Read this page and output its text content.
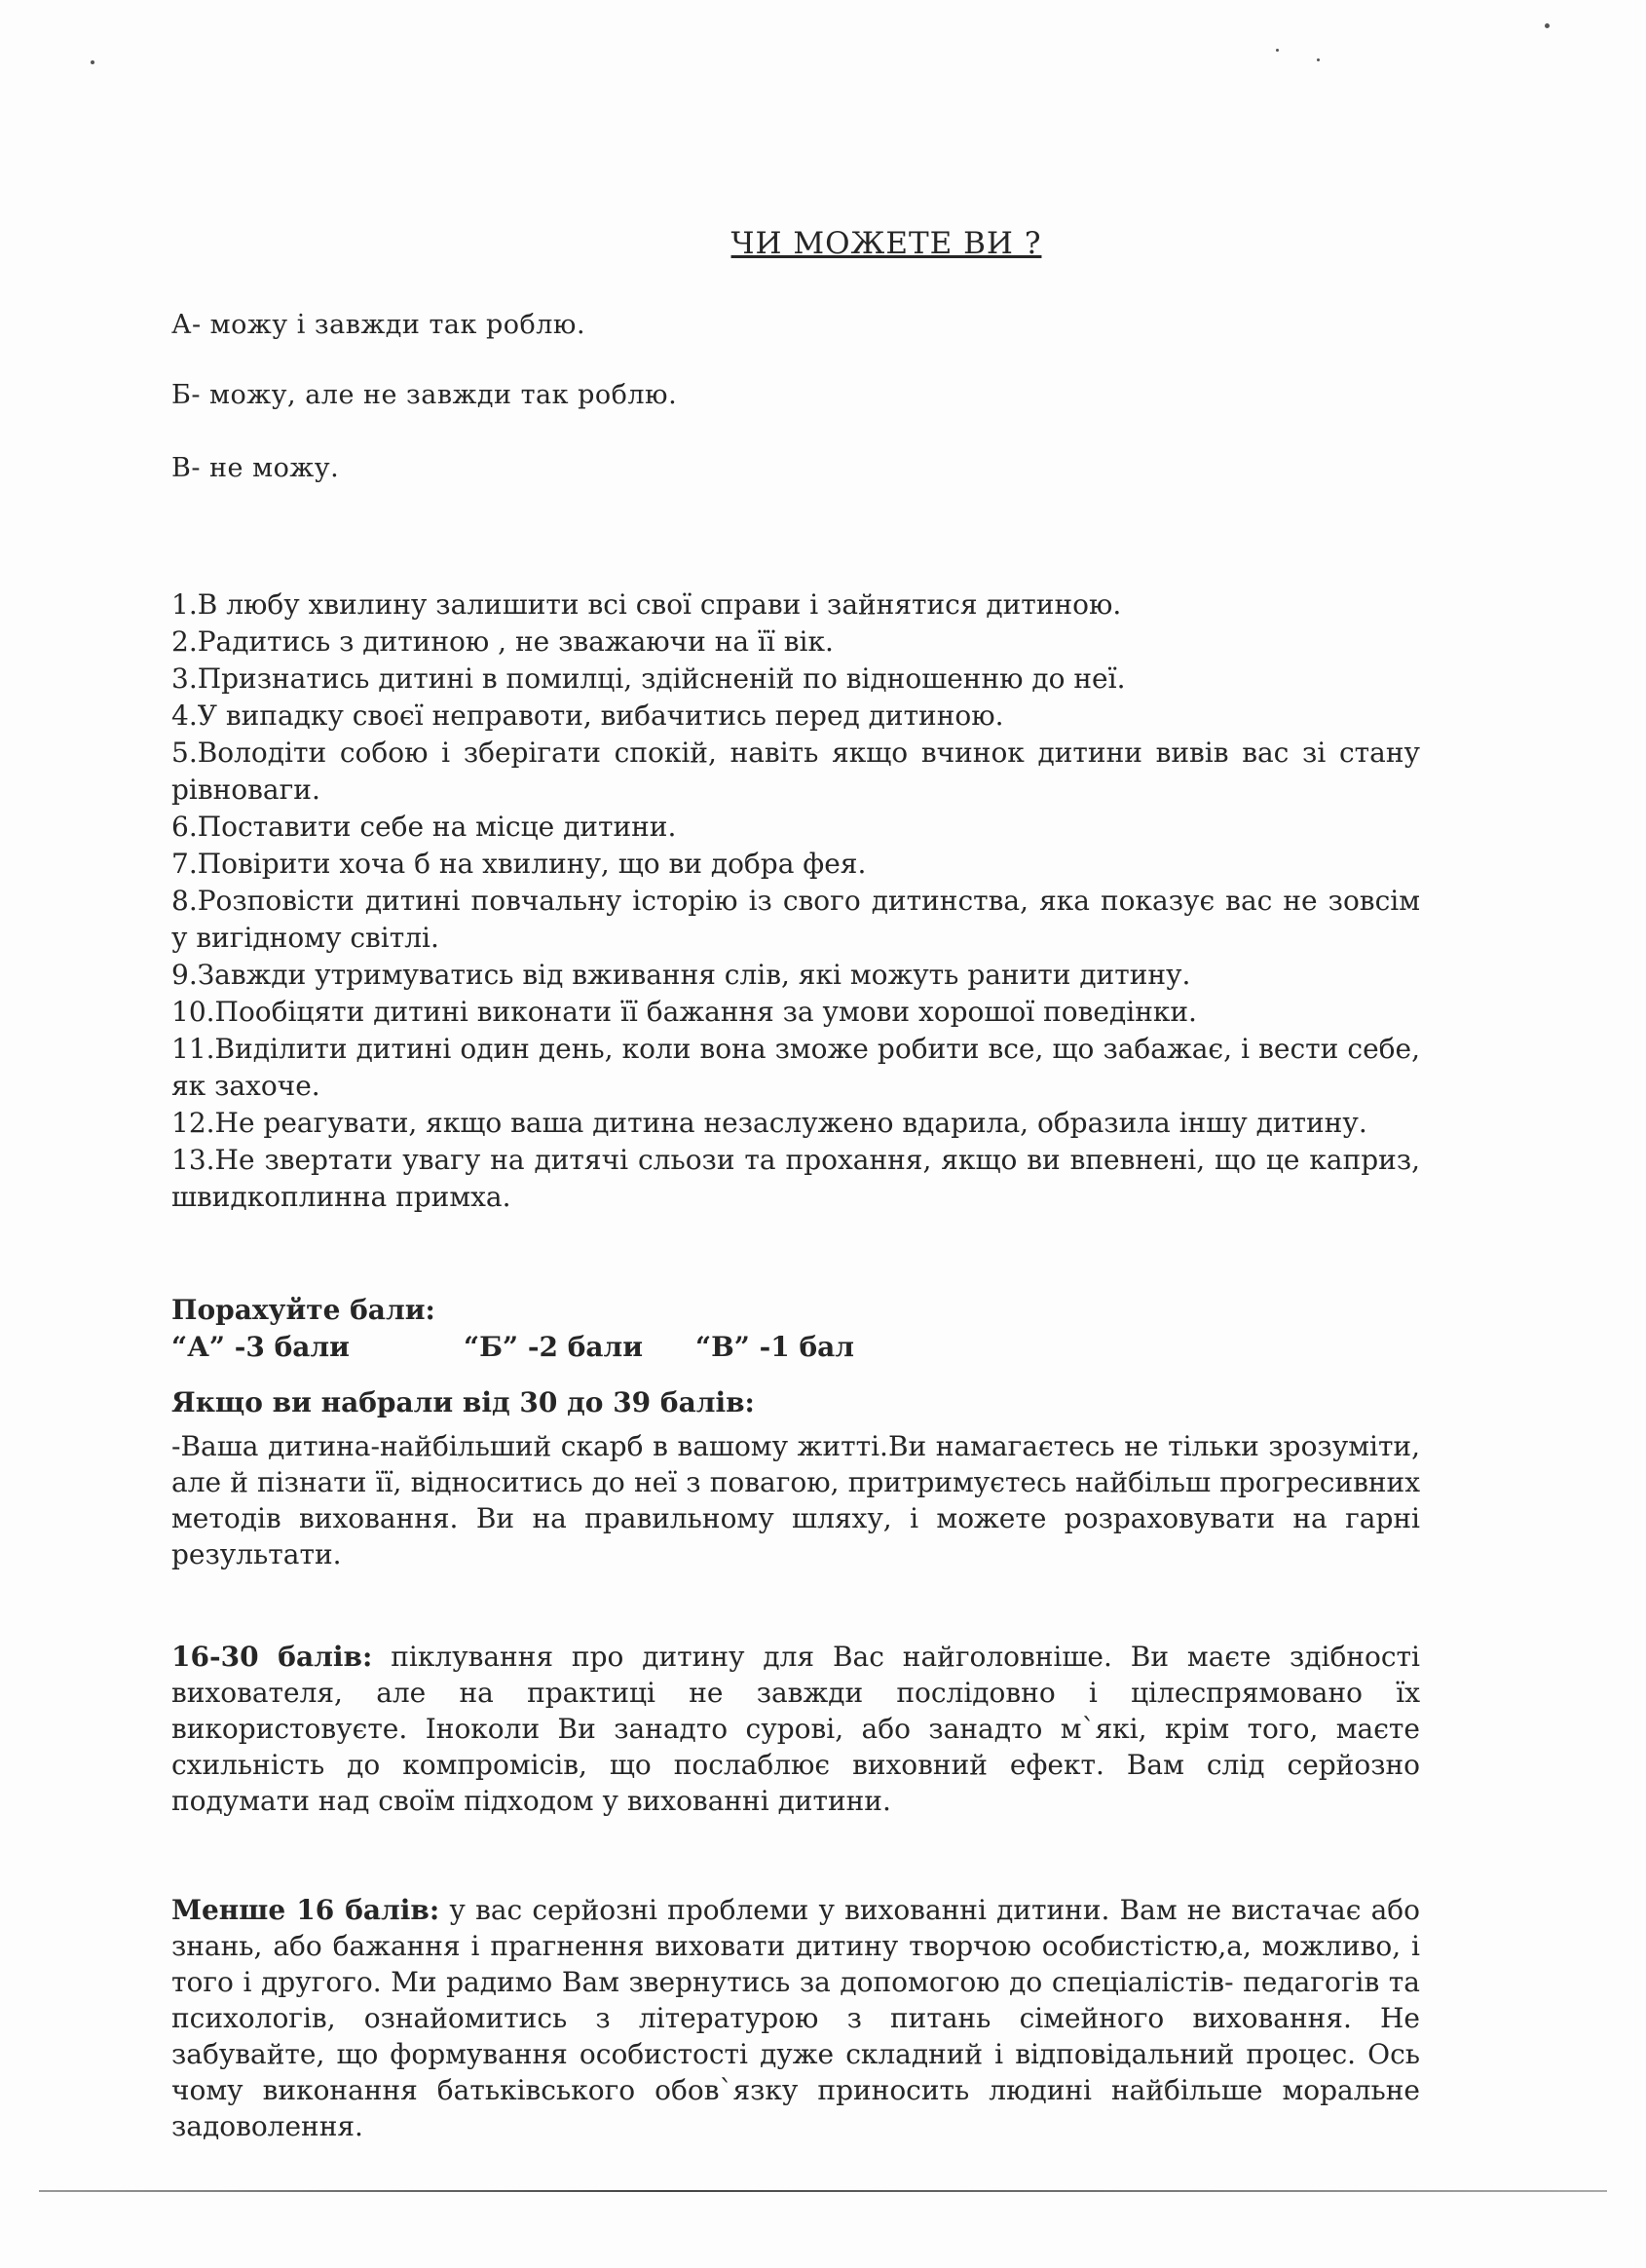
ЧИ МОЖЕТЕ ВИ ?
А- можу і завжди так роблю.
Б- можу, але не завжди так роблю.
В- не можу.
1.В любу хвилину залишити всі свої справи і зайнятися дитиною.
2.Радитись з дитиною , не зважаючи на її вік.
3.Признатись дитині в помилці, здійсненій по відношенню до неї.
4.У випадку своєї неправоти, вибачитись перед дитиною.
5.Володіти собою і зберігати спокій, навіть якщо вчинок дитини вивів вас зі стану рівноваги.
6.Поставити себе на місце дитини.
7.Повірити хоча б на хвилину, що ви добра фея.
8.Розповісти дитині повчальну історію із свого дитинства, яка показує вас не зовсім у вигідному світлі.
9.Завжди утримуватись від вживання слів, які можуть ранити дитину.
10.Пообіцяти дитині виконати її бажання за умови хорошої поведінки.
11.Виділити дитині один день, коли вона зможе робити все, що забажає, і вести себе, як захоче.
12.Не реагувати, якщо ваша дитина незаслужено вдарила, образила іншу дитину.
13.Не звертати увагу на дитячі сльози та прохання, якщо ви впевнені, що це каприз, швидкоплинна примха.
Порахуйте бали:
“А” -3 бали	“Б” -2 бали	“В” -1 бал
Якщо ви набрали від 30 до 39 балів:

-Ваша дитина-найбільший скарб в вашому житті.Ви намагаєтесь не тільки зрозуміти, але й пізнати її, відноситись до неї з повагою, притримуєтесь найбільш прогресивних методів виховання. Ви на правильному шляху, і можете розраховувати на гарні результати.

16-30 балів: піклування про дитину для Вас найголовніше. Ви маєте здібності вихователя, але на практиці не завжди послідовно і цілеспрямовано їх використовуєте. Іноколи Ви занадто сурові, або занадто м`які, крім того, маєте схильність до компромісів, що послаблює виховний ефект. Вам слід серйозно подумати над своїм підходом у вихованні дитини.

Менше 16 балів: у вас серйозні проблеми у вихованні дитини. Вам не вистачає або знань, або бажання і прагнення виховати дитину творчою особистістю,а, можливо, і того і другого. Ми радимо Вам звернутись за допомогою до спеціалістів- педагогів та психологів, ознайомитись з літературою з питань сімейного виховання. Не забувайте, що формування особистості дуже складний і відповідальний процес. Ось чому виконання батьківського обов`язку приносить людині найбільше моральне задоволення.
